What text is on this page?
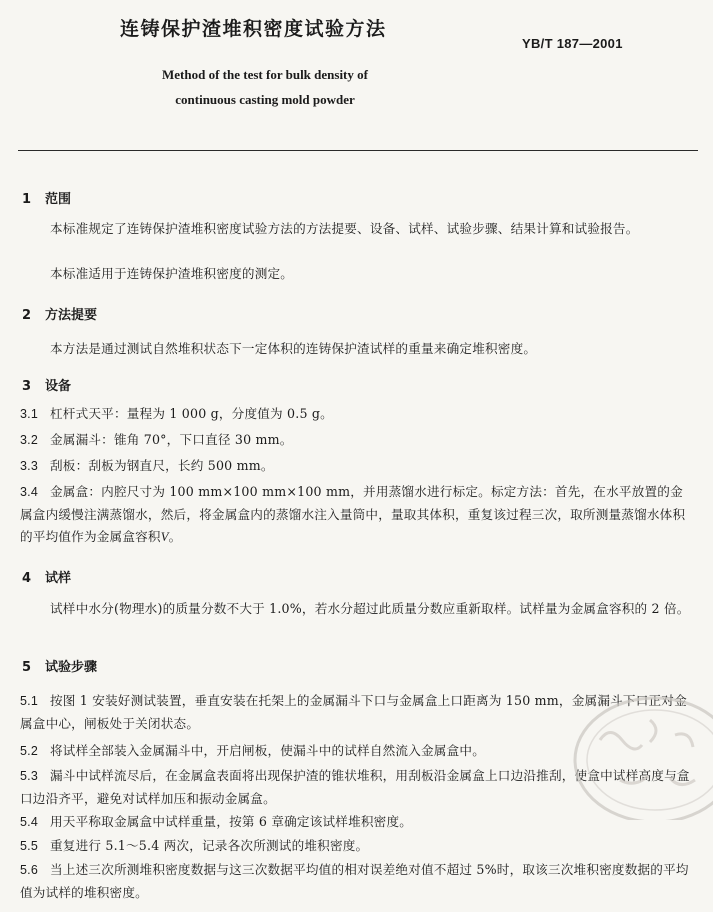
连铸保护渣堆积密度试验方法
YB/T 187—2001
Method of the test for bulk density of
continuous casting mold powder
1 范围
本标准规定了连铸保护渣堆积密度试验方法的方法提要、设备、试样、试验步骤、结果计算和试验报告。
本标准适用于连铸保护渣堆积密度的测定。
2 方法提要
本方法是通过测试自然堆积状态下一定体积的连铸保护渣试样的重量来确定堆积密度。
3 设备
3.1 杠杆式天平：量程为 1 000 g，分度值为 0.5 g。
3.2 金属漏斗：锥角 70°，下口直径 30 mm。
3.3 刮板：刮板为钢直尺，长约 500 mm。
3.4 金属盒：内腔尺寸为 100 mm×100 mm×100 mm，并用蒸馏水进行标定。标定方法：首先，在水平放置的金属盒内缓慢注满蒸馏水，然后，将金属盒内的蒸馏水注入量筒中，量取其体积，重复该过程三次，取所测量蒸馏水体积的平均值作为金属盒容积V。
4 试样
试样中水分(物理水)的质量分数不大于 1.0%，若水分超过此质量分数应重新取样。试样量为金属盒容积的 2 倍。
5 试验步骤
5.1 按图 1 安装好测试装置，垂直安装在托架上的金属漏斗下口与金属盒上口距离为 150 mm，金属漏斗下口正对金属盒中心，闸板处于关闭状态。
5.2 将试样全部装入金属漏斗中，开启闸板，使漏斗中的试样自然流入金属盒中。
5.3 漏斗中试样流尽后，在金属盒表面将出现保护渣的锥状堆积，用刮板沿金属盒上口边沿推刮，使盒中试样高度与盒口边沿齐平，避免对试样加压和振动金属盒。
5.4 用天平称取金属盒中试样重量，按第 6 章确定该试样堆积密度。
5.5 重复进行 5.1～5.4 两次，记录各次所测试的堆积密度。
5.6 当上述三次所测堆积密度数据与这三次数据平均值的相对误差绝对值不超过 5%时，取该三次堆积密度数据的平均值为试样的堆积密度。
